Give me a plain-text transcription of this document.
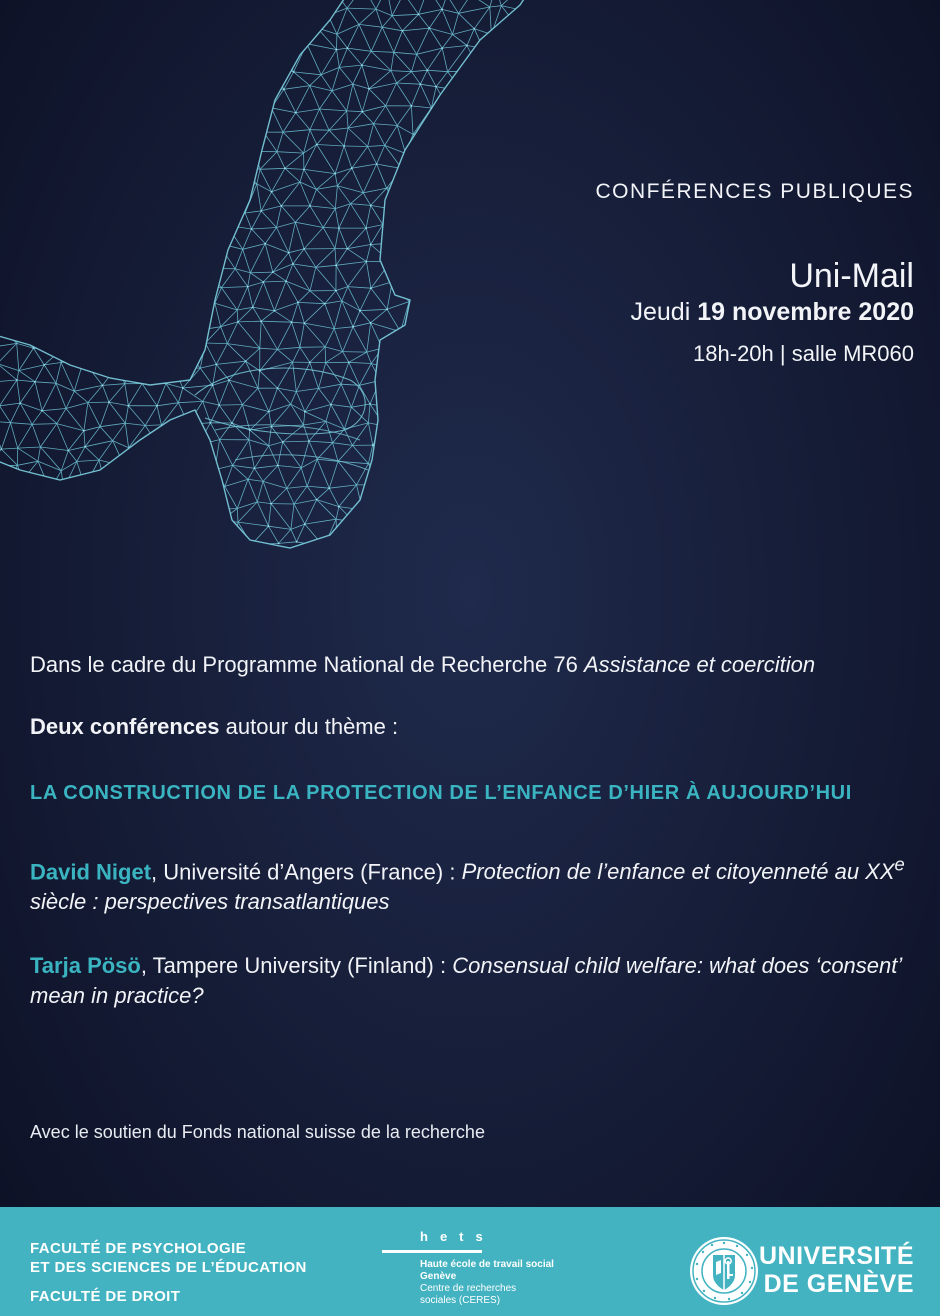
CONFÉRENCES PUBLIQUES

Uni-Mail

Jeudi 19 novembre 2020

18h-20h | salle MR060

Dans le cadre du Programme National de Recherche 76 Assistance et coercition

Deux conférences autour du thème :

LA CONSTRUCTION DE LA PROTECTION DE L’ENFANCE D’HIER À AUJOURD’HUI

David Niget, Université d’Angers (France) : Protection de l’enfance et citoyenneté au XXe siècle : perspectives transatlantiques

Tarja Pösö, Tampere University (Finland) : Consensual child welfare: what does ‘consent’ mean in practice?

Avec le soutien du Fonds national suisse de la recherche
FACULTÉ DE PSYCHOLOGIE
ET DES SCIENCES DE L’ÉDUCATION
FACULTÉ DE DROIT
hets
Haute école de travail social
Genève
Centre de recherches
sociales (CERES)
UNIVERSITÉ
DE GENÈVE
